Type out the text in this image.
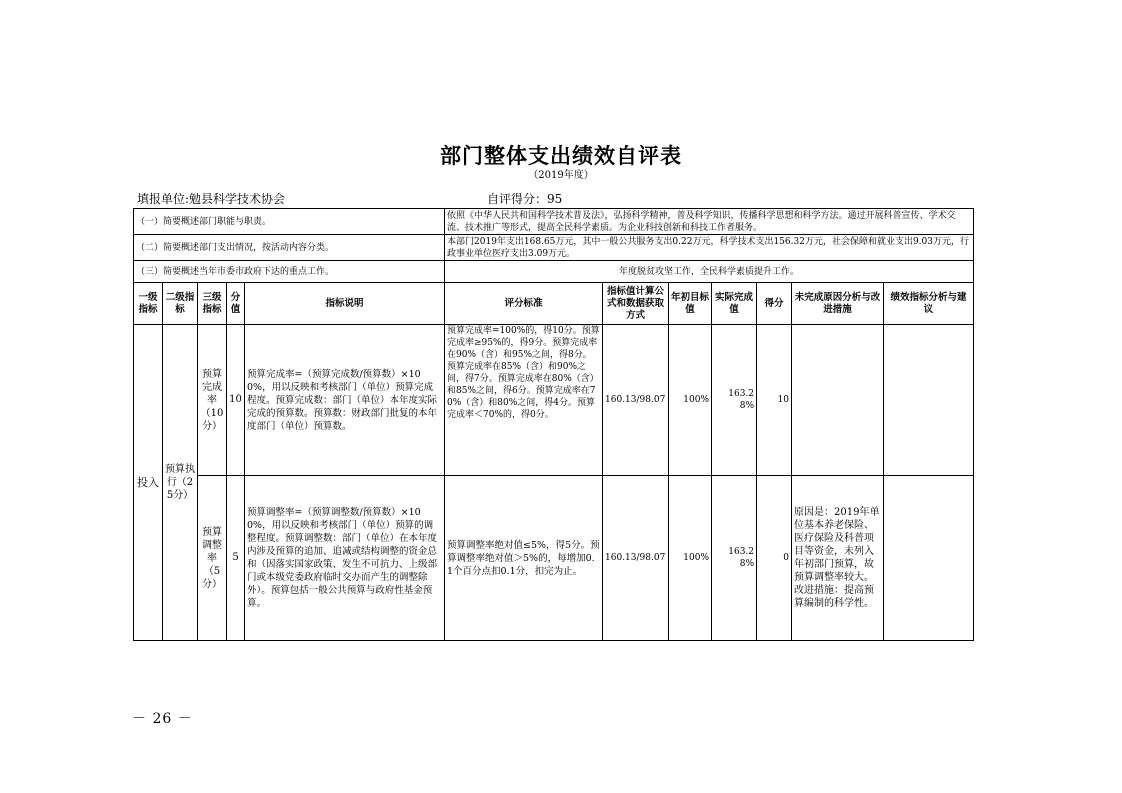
部门整体支出绩效自评表
（2019年度）
填报单位:勉县科学技术协会	自评得分：95
（一）简要概述部门职能与职责。					依照《中华人民共和国科学技术普及法》，弘扬科学精神，普及科学知识，传播科学思想和科学方法。通过开展科普宣传、学术交流、技术推广等形式，提高全民科学素质。为企业科技创新和科技工作者服务。						
（二）简要概述部门支出情况，按活动内容分类。					本部门2019年支出168.65万元，其中一般公共服务支出0.22万元，科学技术支出156.32万元，社会保障和就业支出9.03万元，行政事业单位医疗支出3.09万元。						
（三）简要概述当年市委市政府下达的重点工作。					年度脱贫攻坚工作，全民科学素质提升工作。						
一级指标	二级指标	三级指标	分值	指标说明	评分标准	指标值计算公式和数据获取方式	年初目标值	实际完成值	得分	未完成原因分析与改进措施	绩效指标分析与建议
投入	预算执行（25分）	预算完成率（10分）	10	预算完成率=（预算完成数/预算数）×100%，用以反映和考核部门（单位）预算完成程度。预算完成数：部门（单位）本年度实际完成的预算数。预算数：财政部门批复的本年度部门（单位）预算数。	预算完成率=100%的，得10分。预算完成率≥95%的，得9分。预算完成率在90%（含）和95%之间，得8分。预算完成率在85%（含）和90%之间，得7分。预算完成率在80%（含）和85%之间，得6分。预算完成率在70%（含）和80%之间，得4分。预算完成率＜70%的，得0分。	160.13/98.07	100%	163.28%	10		
		预算调整率（5分）	5	预算调整率=（预算调整数/预算数）×100%，用以反映和考核部门（单位）预算的调整程度。预算调整数：部门（单位）在本年度内涉及预算的追加、追减或结构调整的资金总和（因落实国家政策、发生不可抗力、上级部门或本级党委政府临时交办而产生的调整除外）。预算包括一般公共预算与政府性基金预算。	预算调整率绝对值≤5%，得5分。预算调整率绝对值＞5%的，每增加0.1个百分点扣0.1分，扣完为止。	160.13/98.07	100%	163.28%	0	原因是：2019年单位基本养老保险、医疗保险及科普项目等资金，未列入年初部门预算，故预算调整率较大。改进措施：提高预算编制的科学性。	
－ 26 －
